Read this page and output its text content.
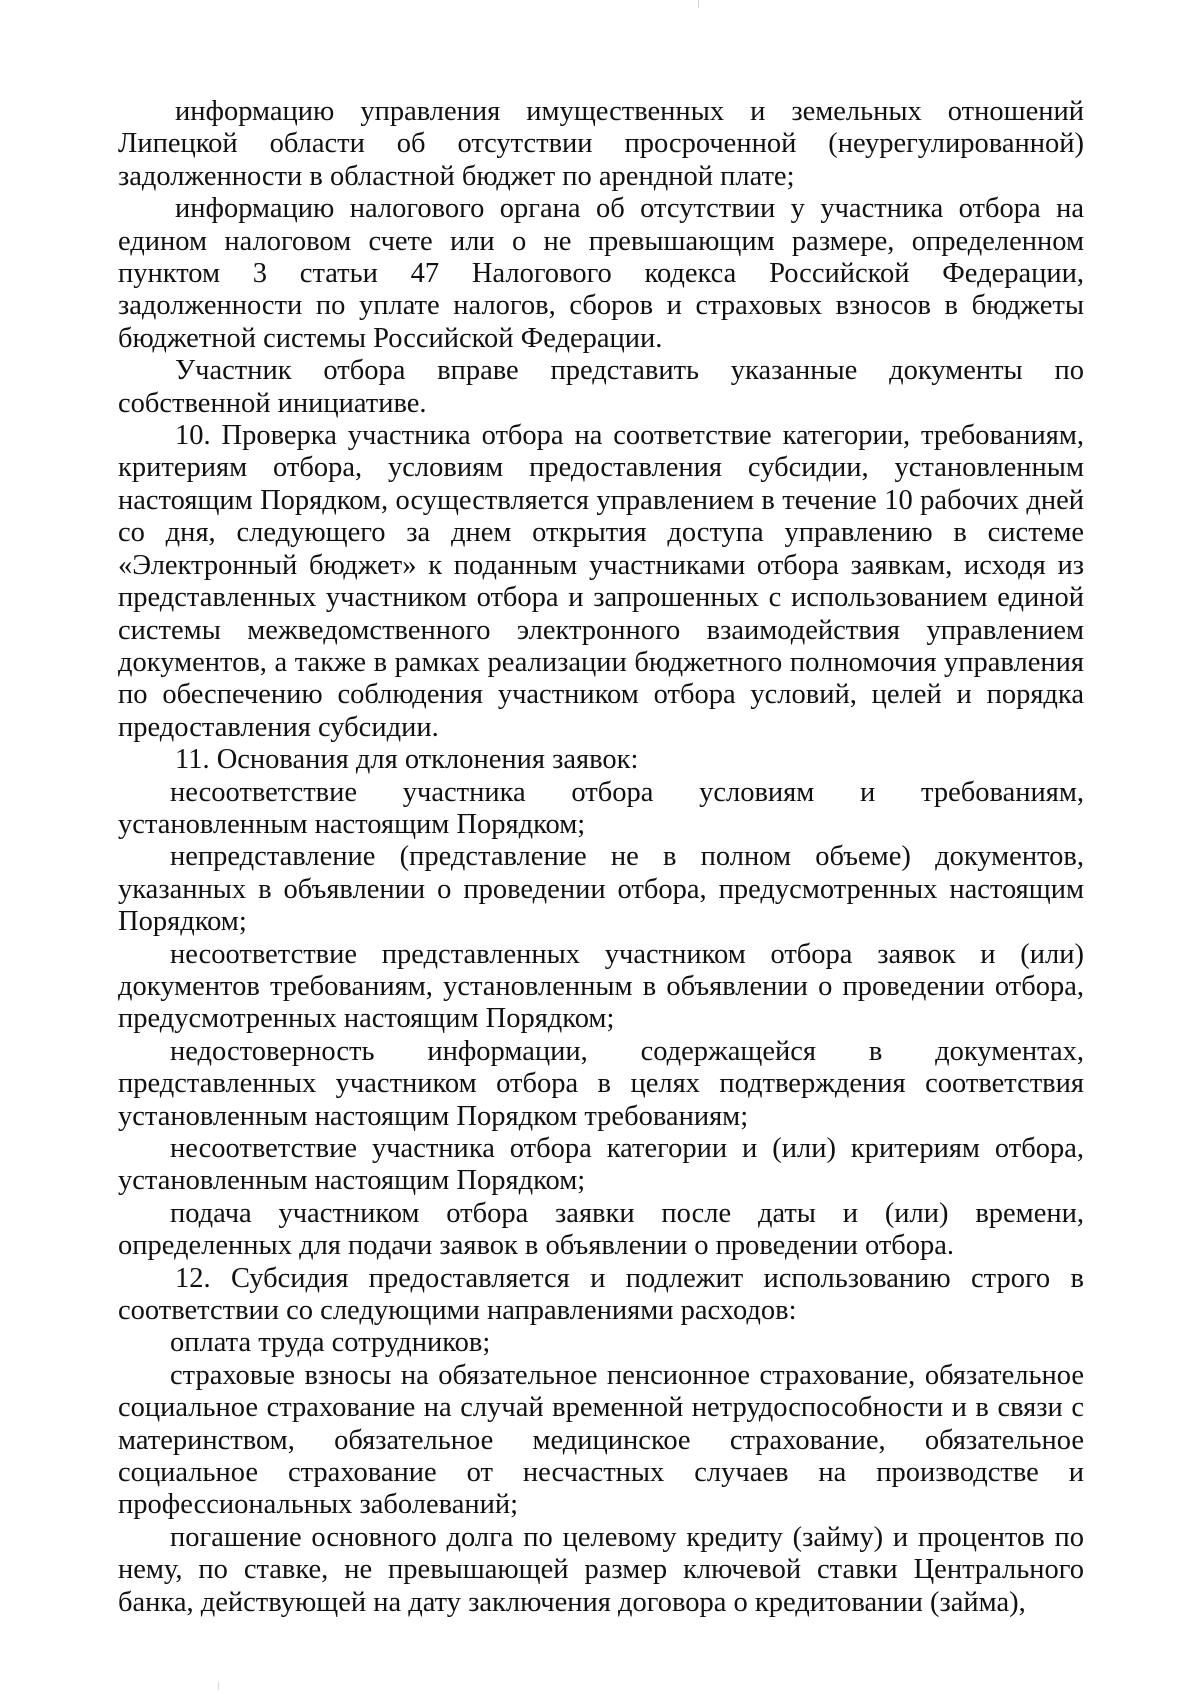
информацию управления имущественных и земельных отношений Липецкой области об отсутствии просроченной (неурегулированной) задолженности в областной бюджет по арендной плате;

информацию налогового органа об отсутствии у участника отбора на едином налоговом счете или о не превышающим размере, определенном пунктом 3 статьи 47 Налогового кодекса Российской Федерации, задолженности по уплате налогов, сборов и страховых взносов в бюджеты бюджетной системы Российской Федерации.

Участник отбора вправе представить указанные документы по собственной инициативе.

10. Проверка участника отбора на соответствие категории, требованиям, критериям отбора, условиям предоставления субсидии, установленным настоящим Порядком, осуществляется управлением в течение 10 рабочих дней со дня, следующего за днем открытия доступа управлению в системе «Электронный бюджет» к поданным участниками отбора заявкам, исходя из представленных участником отбора и запрошенных с использованием единой системы межведомственного электронного взаимодействия управлением документов, а также в рамках реализации бюджетного полномочия управления по обеспечению соблюдения участником отбора условий, целей и порядка предоставления субсидии.

11. Основания для отклонения заявок:

несоответствие участника отбора условиям и требованиям, установленным настоящим Порядком;

непредставление (представление не в полном объеме) документов, указанных в объявлении о проведении отбора, предусмотренных настоящим Порядком;

несоответствие представленных участником отбора заявок и (или) документов требованиям, установленным в объявлении о проведении отбора, предусмотренных настоящим Порядком;

недостоверность информации, содержащейся в документах, представленных участником отбора в целях подтверждения соответствия установленным настоящим Порядком требованиям;

несоответствие участника отбора категории и (или) критериям отбора, установленным настоящим Порядком;

подача участником отбора заявки после даты и (или) времени, определенных для подачи заявок в объявлении о проведении отбора.

12. Субсидия предоставляется и подлежит использованию строго в соответствии со следующими направлениями расходов:

оплата труда сотрудников;

страховые взносы на обязательное пенсионное страхование, обязательное социальное страхование на случай временной нетрудоспособности и в связи с материнством, обязательное медицинское страхование, обязательное социальное страхование от несчастных случаев на производстве и профессиональных заболеваний;

погашение основного долга по целевому кредиту (займу) и процентов по нему, по ставке, не превышающей размер ключевой ставки Центрального банка, действующей на дату заключения договора о кредитовании (займа),
